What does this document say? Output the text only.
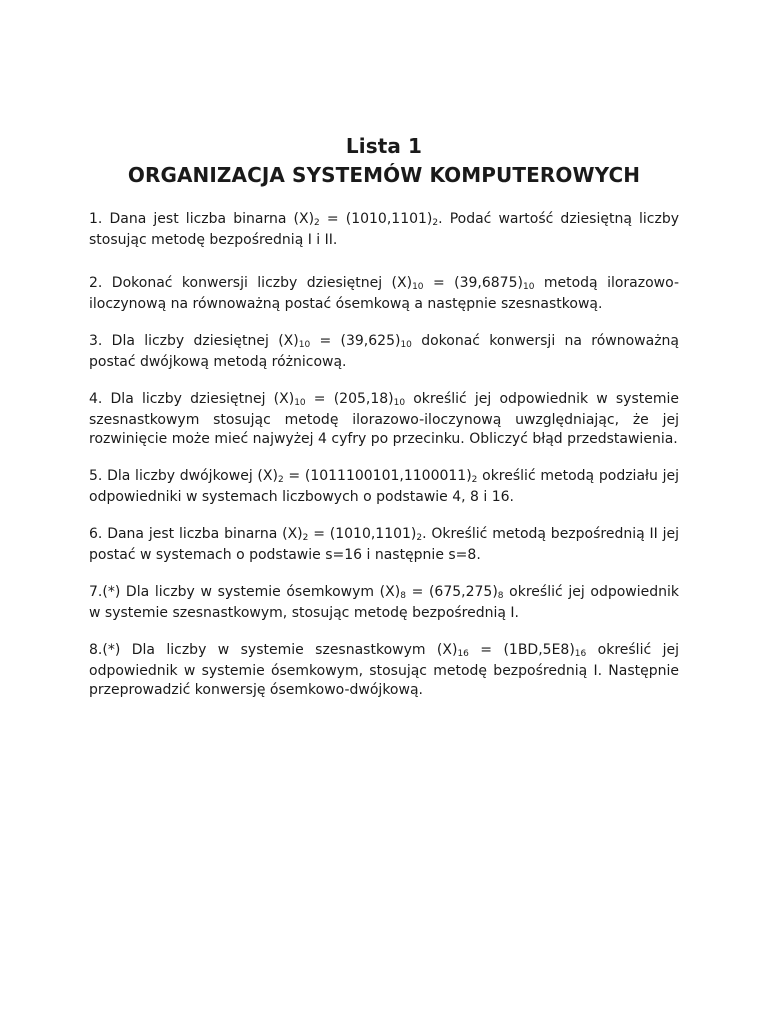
Lista 1
ORGANIZACJA SYSTEMÓW KOMPUTEROWYCH

1. Dana jest liczba binarna $(X)_2 = (1010,1101)_2$. Podać wartość dziesiętną liczby stosując metodę bezpośrednią I i II.

2. Dokonać konwersji liczby dziesiętnej $(X)_{10} = (39,6875)_{10}$ metodą ilorazowo-iloczynową na równoważną postać ósemkową a następnie szesnastkową.

3. Dla liczby dziesiętnej $(X)_{10} = (39,625)_{10}$ dokonać konwersji na równoważną postać dwójkową metodą różnicową.

4. Dla liczby dziesiętnej $(X)_{10} = (205,18)_{10}$ określić jej odpowiednik w systemie szesnastkowym stosując metodę ilorazowo-iloczynową uwzględniając, że jej rozwinięcie może mieć najwyżej 4 cyfry po przecinku. Obliczyć błąd przedstawienia.

5. Dla liczby dwójkowej $(X)_2 = (1011100101,1100011)_2$ określić metodą podziału jej odpowiedniki w systemach liczbowych o podstawie 4, 8 i 16.

6. Dana jest liczba binarna $(X)_2 = (1010,1101)_2$. Określić metodą bezpośrednią II jej postać w systemach o podstawie s=16 i następnie s=8.

7.(*) Dla liczby w systemie ósemkowym $(X)_8 = (675,275)_8$ określić jej odpowiednik w systemie szesnastkowym, stosując metodę bezpośrednią I.

8.(*) Dla liczby w systemie szesnastkowym $(X)_{16} = (1BD,5E8)_{16}$ określić jej odpowiednik w systemie ósemkowym, stosując metodę bezpośrednią I. Następnie przeprowadzić konwersję ósemkowo-dwójkową.
